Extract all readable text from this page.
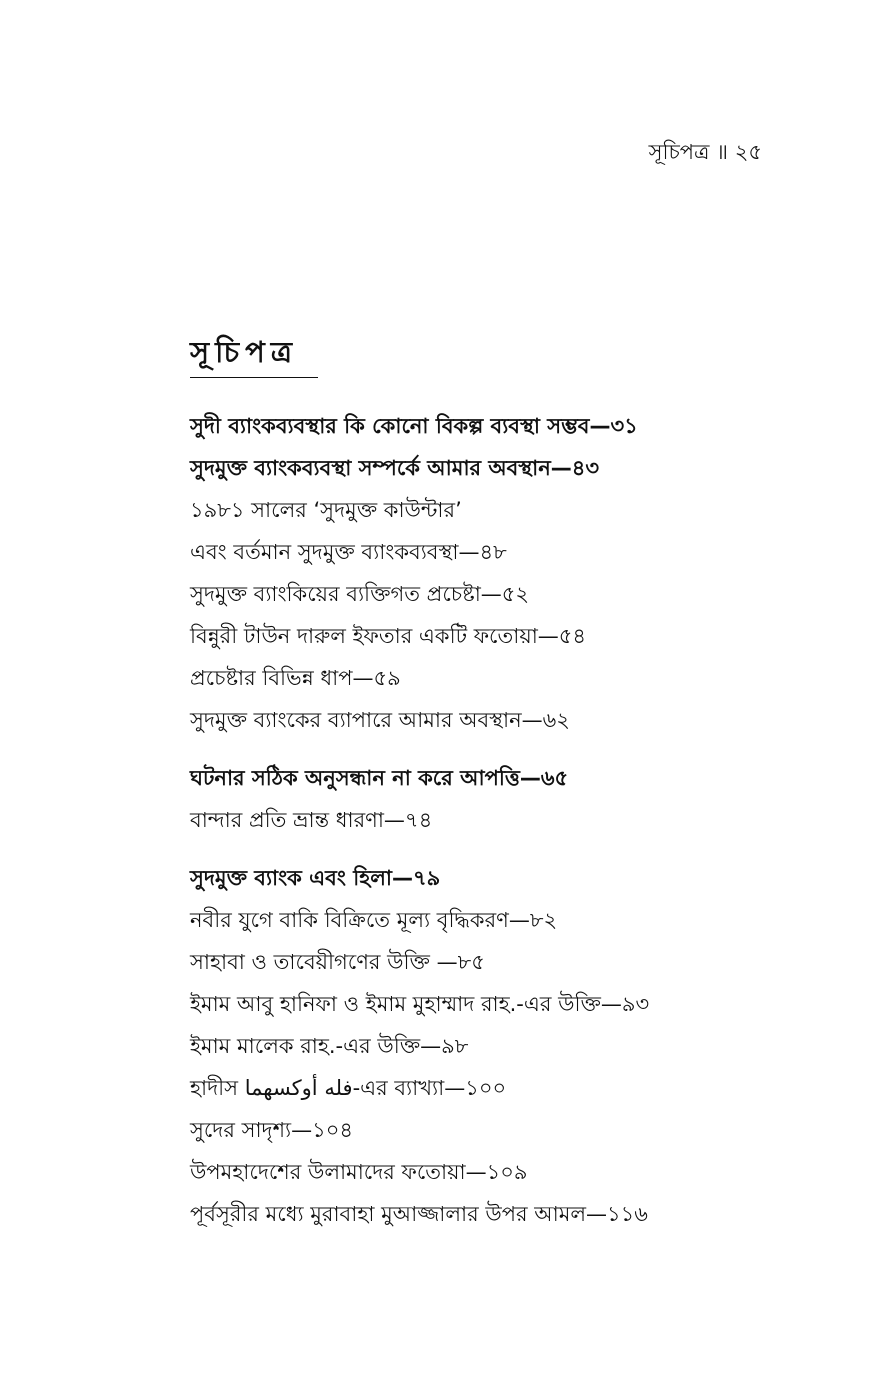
সূচিপত্র ॥ ২৫
সূচিপত্র
সুদী ব্যাংকব্যবস্থার কি কোনো বিকল্প ব্যবস্থা সম্ভব—৩১
সুদমুক্ত ব্যাংকব্যবস্থা সম্পর্কে আমার অবস্থান—৪৩
১৯৮১ সালের ‘সুদমুক্ত কাউন্টার’
এবং বর্তমান সুদমুক্ত ব্যাংকব্যবস্থা—৪৮
সুদমুক্ত ব্যাংকিয়ের ব্যক্তিগত প্রচেষ্টা—৫২
বিন্নুরী টাউন দারুল ইফতার একটি ফতোয়া—৫৪
প্রচেষ্টার বিভিন্ন ধাপ—৫৯
সুদমুক্ত ব্যাংকের ব্যাপারে আমার অবস্থান—৬২
ঘটনার সঠিক অনুসন্ধান না করে আপত্তি—৬৫
বান্দার প্রতি ভ্রান্ত ধারণা—৭৪
সুদমুক্ত ব্যাংক এবং হিলা—৭৯
নবীর যুগে বাকি বিক্রিতে মূল্য বৃদ্ধিকরণ—৮২
সাহাবা ও তাবেয়ীগণের উক্তি —৮৫
ইমাম আবু হানিফা ও ইমাম মুহাম্মাদ রাহ.-এর উক্তি—৯৩
ইমাম মালেক রাহ.-এর উক্তি—৯৮
হাদীস فله أوكسهما-এর ব্যাখ্যা—১০০
সুদের সাদৃশ্য—১০৪
উপমহাদেশের উলামাদের ফতোয়া—১০৯
পূর্বসূরীর মধ্যে মুরাবাহা মুআজ্জালার উপর আমল—১১৬
